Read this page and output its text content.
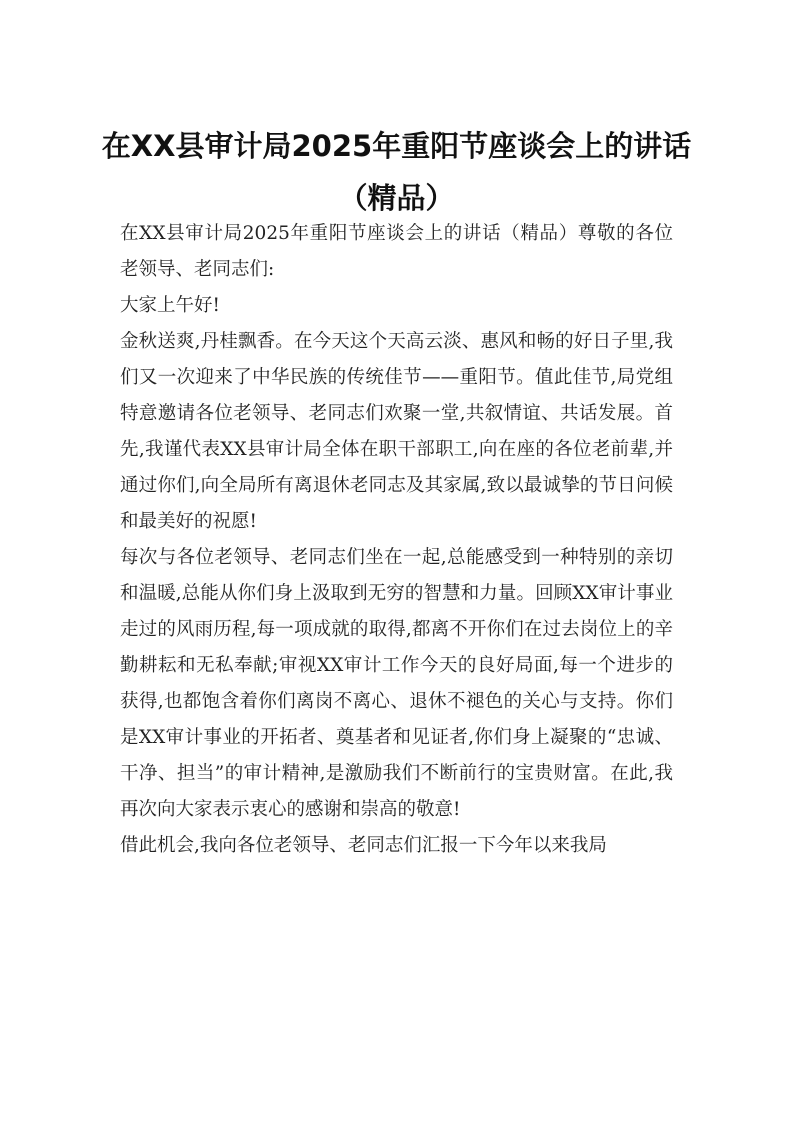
在XX县审计局2025年重阳节座谈会上的讲话（精品）

在XX县审计局2025年重阳节座谈会上的讲话（精品）尊敬的各位老领导、老同志们:

大家上午好!

金秋送爽,丹桂飘香。在今天这个天高云淡、惠风和畅的好日子里,我们又一次迎来了中华民族的传统佳节——重阳节。值此佳节,局党组特意邀请各位老领导、老同志们欢聚一堂,共叙情谊、共话发展。首先,我谨代表XX县审计局全体在职干部职工,向在座的各位老前辈,并通过你们,向全局所有离退休老同志及其家属,致以最诚挚的节日问候和最美好的祝愿!

每次与各位老领导、老同志们坐在一起,总能感受到一种特别的亲切和温暖,总能从你们身上汲取到无穷的智慧和力量。回顾XX审计事业走过的风雨历程,每一项成就的取得,都离不开你们在过去岗位上的辛勤耕耘和无私奉献;审视XX审计工作今天的良好局面,每一个进步的获得,也都饱含着你们离岗不离心、退休不褪色的关心与支持。你们是XX审计事业的开拓者、奠基者和见证者,你们身上凝聚的“忠诚、干净、担当”的审计精神,是激励我们不断前行的宝贵财富。在此,我再次向大家表示衷心的感谢和崇高的敬意!

借此机会,我向各位老领导、老同志们汇报一下今年以来我局
